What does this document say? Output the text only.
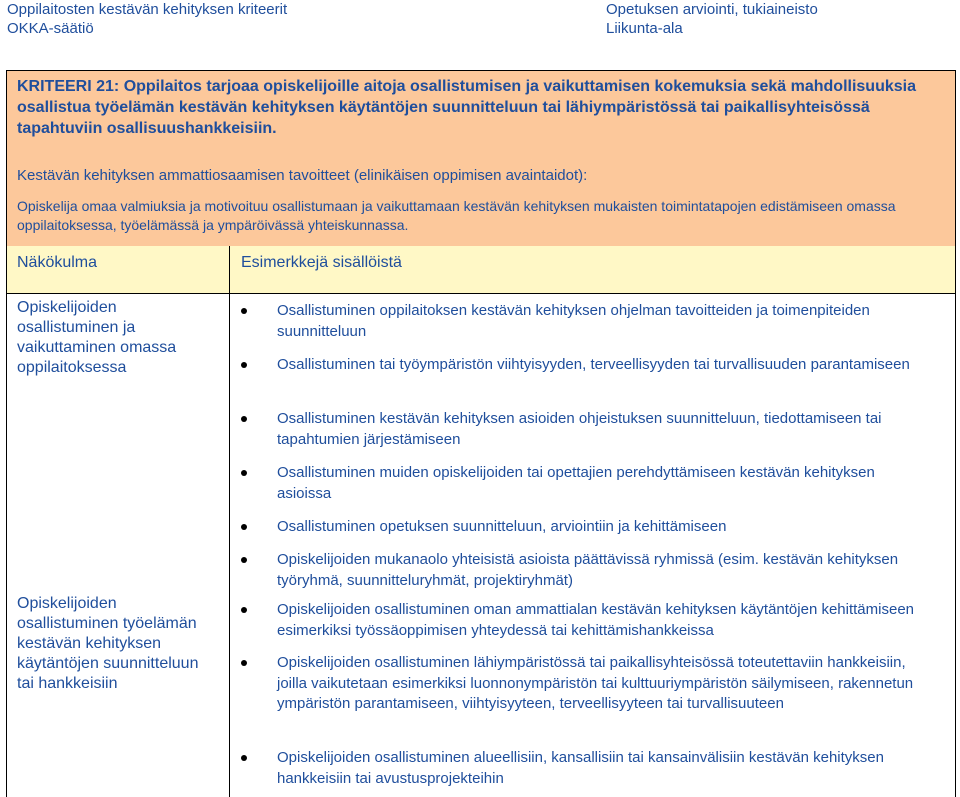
Oppilaitosten kestävän kehityksen kriteerit
OKKA-säätiö
Opetuksen arviointi, tukiaineisto
Liikunta-ala
KRITEERI 21: Oppilaitos tarjoaa opiskelijoille aitoja osallistumisen ja vaikuttamisen kokemuksia sekä mahdollisuuksia osallistua työelämän kestävän kehityksen käytäntöjen suunnitteluun tai lähiympäristössä tai paikallisyhteisössä tapahtuviin osallisuushankkeisiin.
Kestävän kehityksen ammattiosaamisen tavoitteet (elinikäisen oppimisen avaintaidot):
Opiskelija omaa valmiuksia ja motivoituu osallistumaan ja vaikuttamaan kestävän kehityksen mukaisten toimintatapojen edistämiseen omassa oppilaitoksessa, työelämässä ja ympäröivässä yhteiskunnassa.
Näkökulma	Esimerkkejä sisällöistä
Opiskelijoiden osallistuminen ja vaikuttaminen omassa oppilaitoksessa
Opiskelijoiden osallistuminen työelämän kestävän kehityksen käytäntöjen suunnitteluun tai hankkeisiin
Osallistuminen oppilaitoksen kestävän kehityksen ohjelman tavoitteiden ja toimenpiteiden suunnitteluun
Osallistuminen tai työympäristön viihtyisyyden, terveellisyyden tai turvallisuuden parantamiseen
Osallistuminen kestävän kehityksen asioiden ohjeistuksen suunnitteluun, tiedottamiseen tai tapahtumien järjestämiseen
Osallistuminen muiden opiskelijoiden tai opettajien perehdyttämiseen kestävän kehityksen asioissa
Osallistuminen opetuksen suunnitteluun, arviointiin ja kehittämiseen
Opiskelijoiden mukanaolo yhteisistä asioista päättävissä ryhmissä (esim. kestävän kehityksen työryhmä, suunnitteluryhmät, projektiryhmät)
Opiskelijoiden osallistuminen oman ammattialan kestävän kehityksen käytäntöjen kehittämiseen esimerkiksi työssäoppimisen yhteydessä tai kehittämishankkeissa
Opiskelijoiden osallistuminen lähiympäristössä tai paikallisyhteisössä toteutettaviin hankkeisiin, joilla vaikutetaan esimerkiksi luonnonympäristön tai kulttuuriympäristön säilymiseen, rakennetun ympäristön parantamiseen, viihtyisyyteen, terveellisyyteen tai turvallisuuteen
Opiskelijoiden osallistuminen alueellisiin, kansallisiin tai kansainvälisiin kestävän kehityksen hankkeisiin tai avustusprojekteihin
